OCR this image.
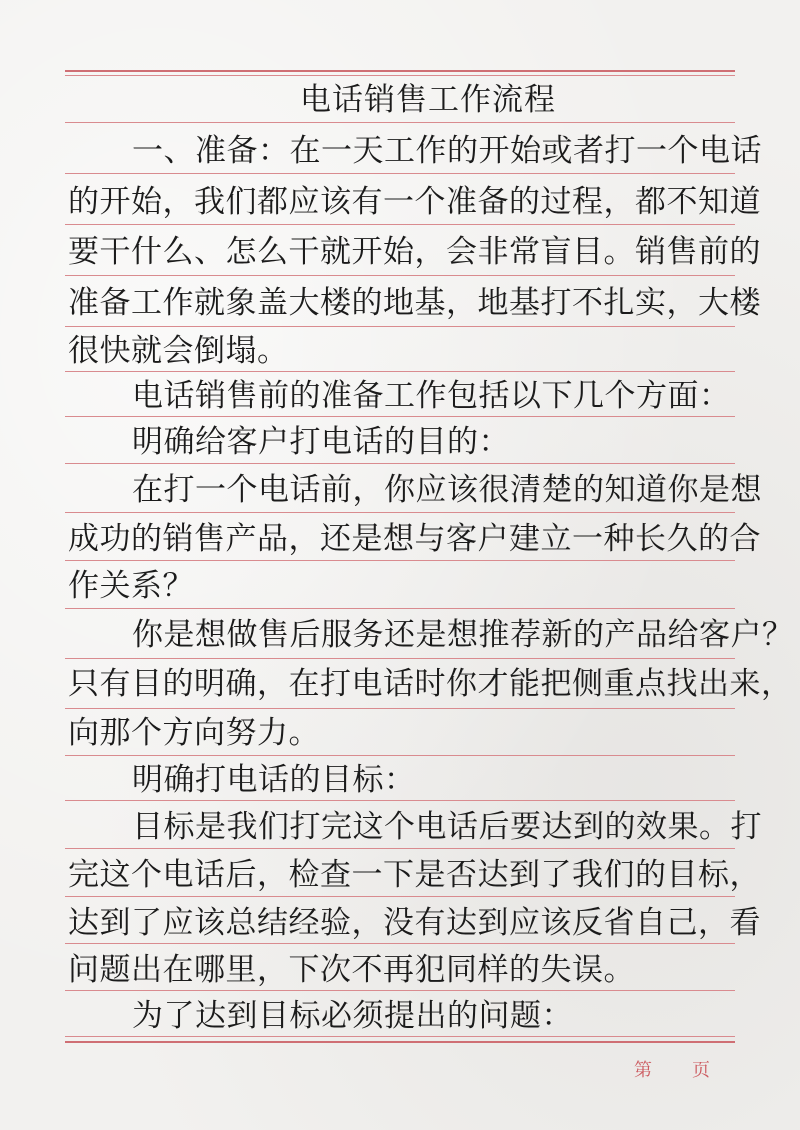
电话销售工作流程
一、准备：在一天工作的开始或者打一个电话
的开始，我们都应该有一个准备的过程，都不知道
要干什么、怎么干就开始，会非常盲目。销售前的
准备工作就象盖大楼的地基，地基打不扎实，大楼
很快就会倒塌。
电话销售前的准备工作包括以下几个方面：
明确给客户打电话的目的：
在打一个电话前，你应该很清楚的知道你是想
成功的销售产品，还是想与客户建立一种长久的合
作关系？
你是想做售后服务还是想推荐新的产品给客户？
只有目的明确，在打电话时你才能把侧重点找出来，
向那个方向努力。
明确打电话的目标：
目标是我们打完这个电话后要达到的效果。打
完这个电话后，检查一下是否达到了我们的目标，
达到了应该总结经验，没有达到应该反省自己，看
问题出在哪里，下次不再犯同样的失误。
为了达到目标必须提出的问题：
第 页
